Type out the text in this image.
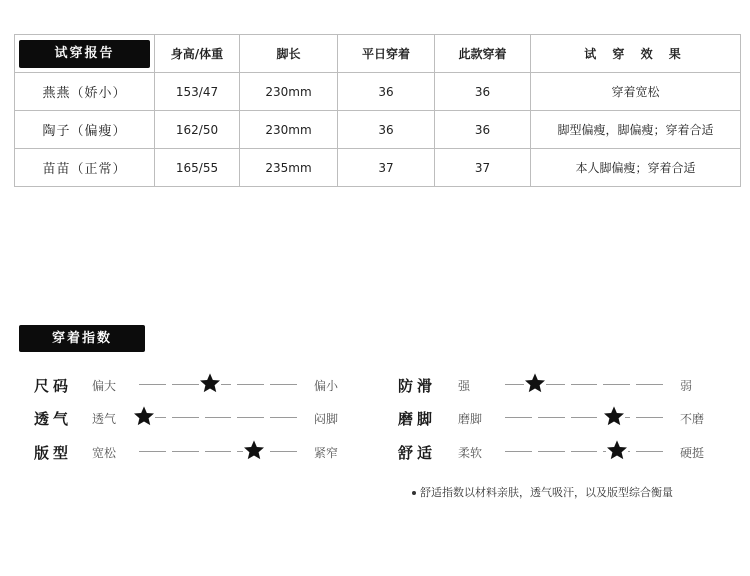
试穿报告	身高/体重	脚长	平日穿着	此款穿着	试 穿 效 果
燕燕（娇小）	153/47	230mm	36	36	穿着宽松
陶子（偏瘦）	162/50	230mm	36	36	脚型偏瘦，脚偏瘦；穿着合适
苗苗（正常）	165/55	235mm	37	37	本人脚偏瘦；穿着合适
穿着指数
尺码 偏大	偏小
透气 透气	闷脚
版型 宽松	紧窄
防滑 强	弱
磨脚 磨脚	不磨
舒适 柔软	硬挺
舒适指数以材料亲肤，透气吸汗，以及版型综合衡量
